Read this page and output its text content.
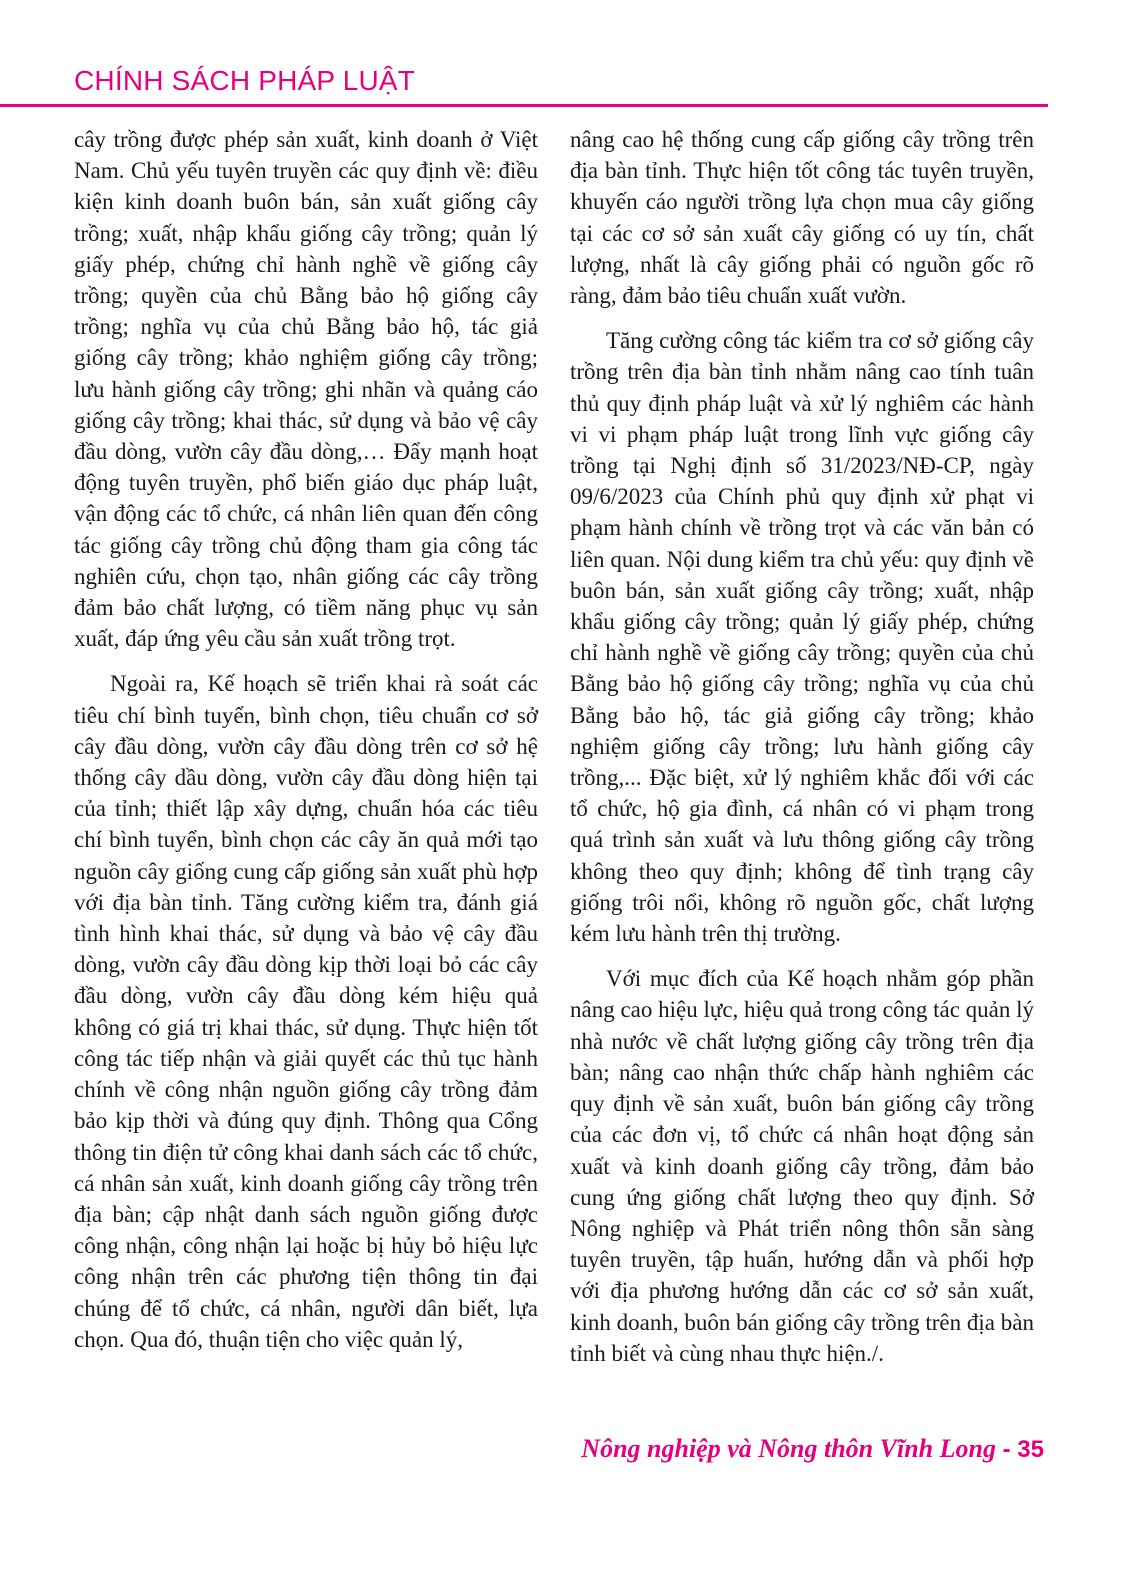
CHÍNH SÁCH PHÁP LUẬT

cây trồng được phép sản xuất, kinh doanh ở Việt Nam. Chủ yếu tuyên truyền các quy định về: điều kiện kinh doanh buôn bán, sản xuất giống cây trồng; xuất, nhập khẩu giống cây trồng; quản lý giấy phép, chứng chỉ hành nghề về giống cây trồng; quyền của chủ Bằng bảo hộ giống cây trồng; nghĩa vụ của chủ Bằng bảo hộ, tác giả giống cây trồng; khảo nghiệm giống cây trồng; lưu hành giống cây trồng; ghi nhãn và quảng cáo giống cây trồng; khai thác, sử dụng và bảo vệ cây đầu dòng, vườn cây đầu dòng,… Đẩy mạnh hoạt động tuyên truyền, phổ biến giáo dục pháp luật, vận động các tổ chức, cá nhân liên quan đến công tác giống cây trồng chủ động tham gia công tác nghiên cứu, chọn tạo, nhân giống các cây trồng đảm bảo chất lượng, có tiềm năng phục vụ sản xuất, đáp ứng yêu cầu sản xuất trồng trọt.

Ngoài ra, Kế hoạch sẽ triển khai rà soát các tiêu chí bình tuyển, bình chọn, tiêu chuẩn cơ sở cây đầu dòng, vườn cây đầu dòng trên cơ sở hệ thống cây dầu dòng, vườn cây đầu dòng hiện tại của tỉnh; thiết lập xây dựng, chuẩn hóa các tiêu chí bình tuyển, bình chọn các cây ăn quả mới tạo nguồn cây giống cung cấp giống sản xuất phù hợp với địa bàn tỉnh. Tăng cường kiểm tra, đánh giá tình hình khai thác, sử dụng và bảo vệ cây đầu dòng, vườn cây đầu dòng kịp thời loại bỏ các cây đầu dòng, vườn cây đầu dòng kém hiệu quả không có giá trị khai thác, sử dụng. Thực hiện tốt công tác tiếp nhận và giải quyết các thủ tục hành chính về công nhận nguồn giống cây trồng đảm bảo kịp thời và đúng quy định. Thông qua Cổng thông tin điện tử công khai danh sách các tổ chức, cá nhân sản xuất, kinh doanh giống cây trồng trên địa bàn; cập nhật danh sách nguồn giống được công nhận, công nhận lại hoặc bị hủy bỏ hiệu lực công nhận trên các phương tiện thông tin đại chúng để tổ chức, cá nhân, người dân biết, lựa chọn. Qua đó, thuận tiện cho việc quản lý,

nâng cao hệ thống cung cấp giống cây trồng trên địa bàn tỉnh. Thực hiện tốt công tác tuyên truyền, khuyến cáo người trồng lựa chọn mua cây giống tại các cơ sở sản xuất cây giống có uy tín, chất lượng, nhất là cây giống phải có nguồn gốc rõ ràng, đảm bảo tiêu chuẩn xuất vườn.

Tăng cường công tác kiểm tra cơ sở giống cây trồng trên địa bàn tỉnh nhằm nâng cao tính tuân thủ quy định pháp luật và xử lý nghiêm các hành vi vi phạm pháp luật trong lĩnh vực giống cây trồng tại Nghị định số 31/2023/NĐ-CP, ngày 09/6/2023 của Chính phủ quy định xử phạt vi phạm hành chính về trồng trọt và các văn bản có liên quan. Nội dung kiểm tra chủ yếu: quy định về buôn bán, sản xuất giống cây trồng; xuất, nhập khẩu giống cây trồng; quản lý giấy phép, chứng chỉ hành nghề về giống cây trồng; quyền của chủ Bằng bảo hộ giống cây trồng; nghĩa vụ của chủ Bằng bảo hộ, tác giả giống cây trồng; khảo nghiệm giống cây trồng; lưu hành giống cây trồng,... Đặc biệt, xử lý nghiêm khắc đối với các tổ chức, hộ gia đình, cá nhân có vi phạm trong quá trình sản xuất và lưu thông giống cây trồng không theo quy định; không để tình trạng cây giống trôi nổi, không rõ nguồn gốc, chất lượng kém lưu hành trên thị trường.

Với mục đích của Kế hoạch nhằm góp phần nâng cao hiệu lực, hiệu quả trong công tác quản lý nhà nước về chất lượng giống cây trồng trên địa bàn; nâng cao nhận thức chấp hành nghiêm các quy định về sản xuất, buôn bán giống cây trồng của các đơn vị, tổ chức cá nhân hoạt động sản xuất và kinh doanh giống cây trồng, đảm bảo cung ứng giống chất lượng theo quy định. Sở Nông nghiệp và Phát triển nông thôn sẵn sàng tuyên truyền, tập huấn, hướng dẫn và phối hợp với địa phương hướng dẫn các cơ sở sản xuất, kinh doanh, buôn bán giống cây trồng trên địa bàn tỉnh biết và cùng nhau thực hiện./.

Nông nghiệp và Nông thôn Vĩnh Long - 35
